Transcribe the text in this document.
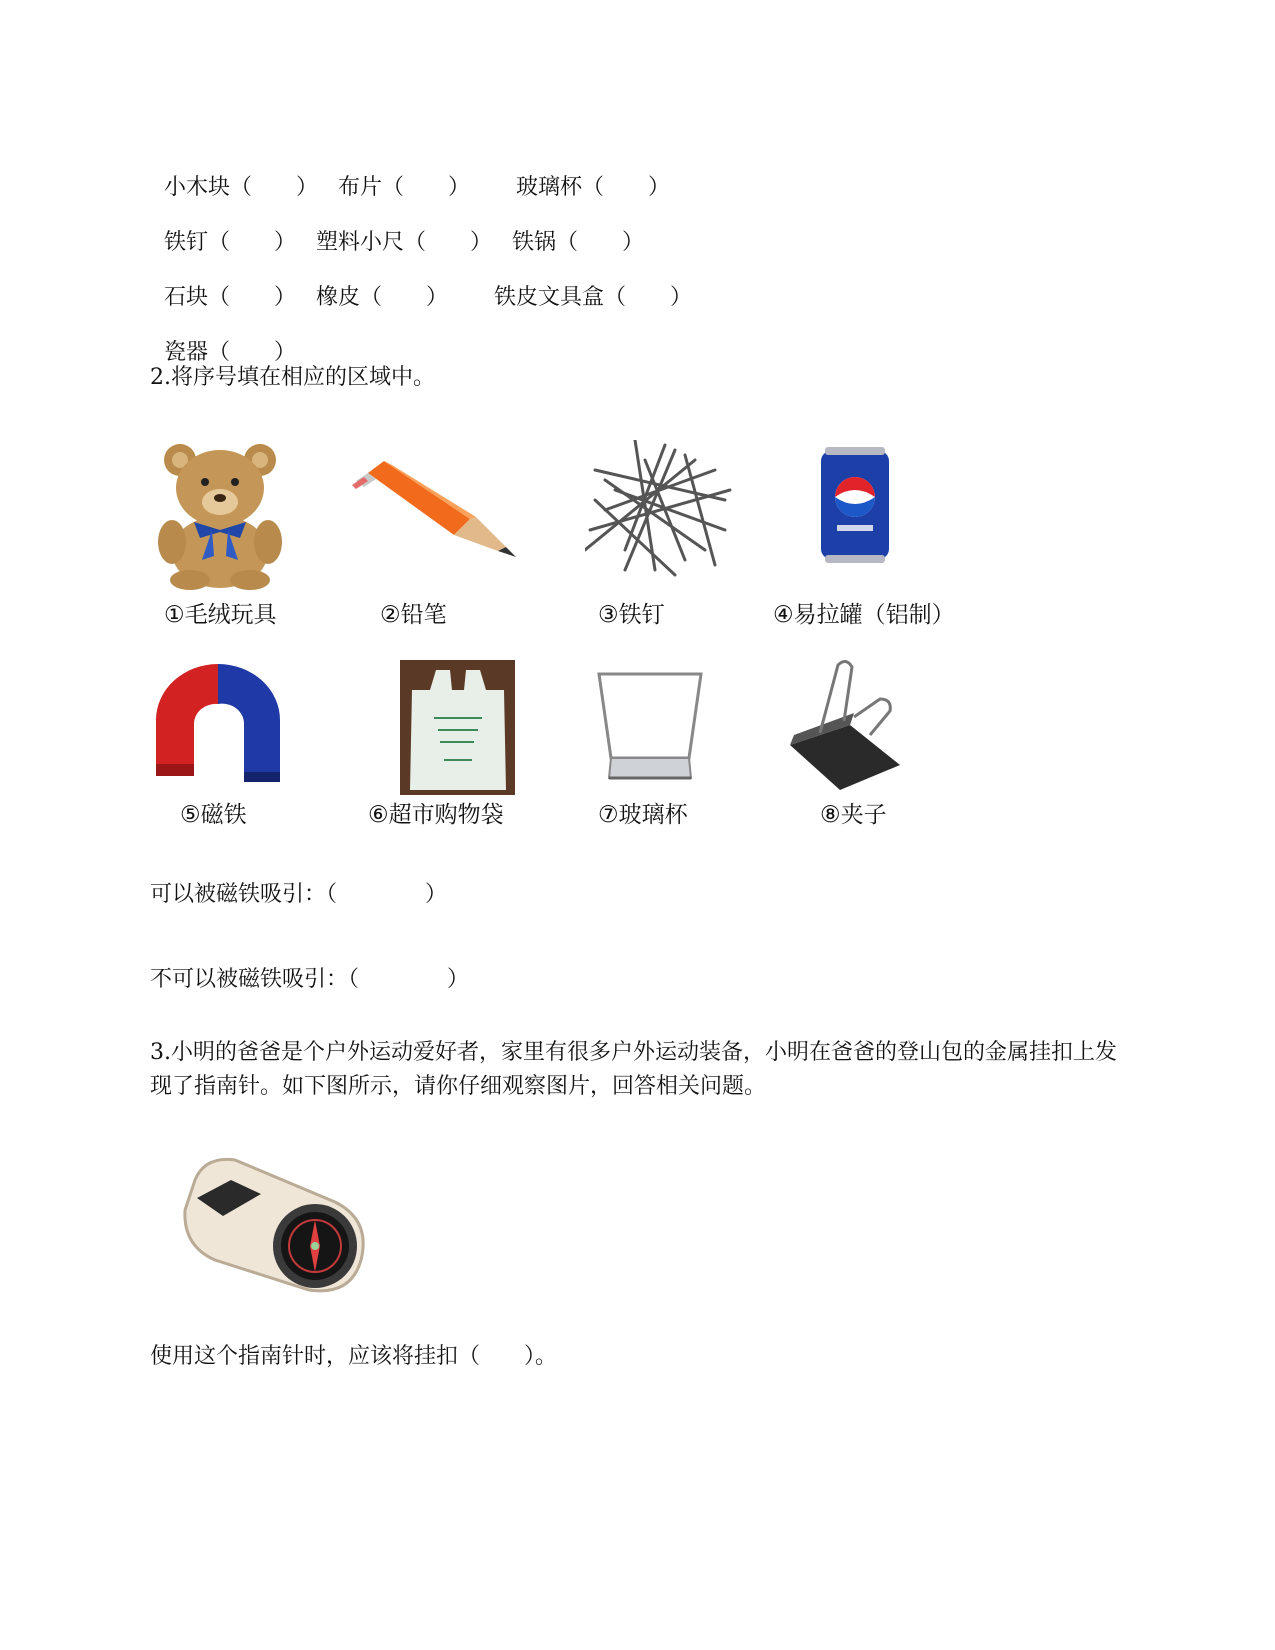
小木块（　　） 布片（　　） 玻璃杯（　　）

铁钉（　　） 塑料小尺（　　） 铁锅（　　）

石块（　　） 橡皮（　　） 铁皮文具盒（　　）

瓷器（　　）

2.将序号填在相应的区域中。
①毛绒玩具	②铅笔	③铁钉	④易拉罐（铝制）
⑤磁铁	⑥超市购物袋	⑦玻璃杯	⑧夹子
可以被磁铁吸引：（　　　　）
不可以被磁铁吸引：（　　　　）
3.小明的爸爸是个户外运动爱好者，家里有很多户外运动装备，小明在爸爸的登山包的金属挂扣上发现了指南针。如下图所示，请你仔细观察图片，回答相关问题。
使用这个指南针时，应该将挂扣（　　）。
